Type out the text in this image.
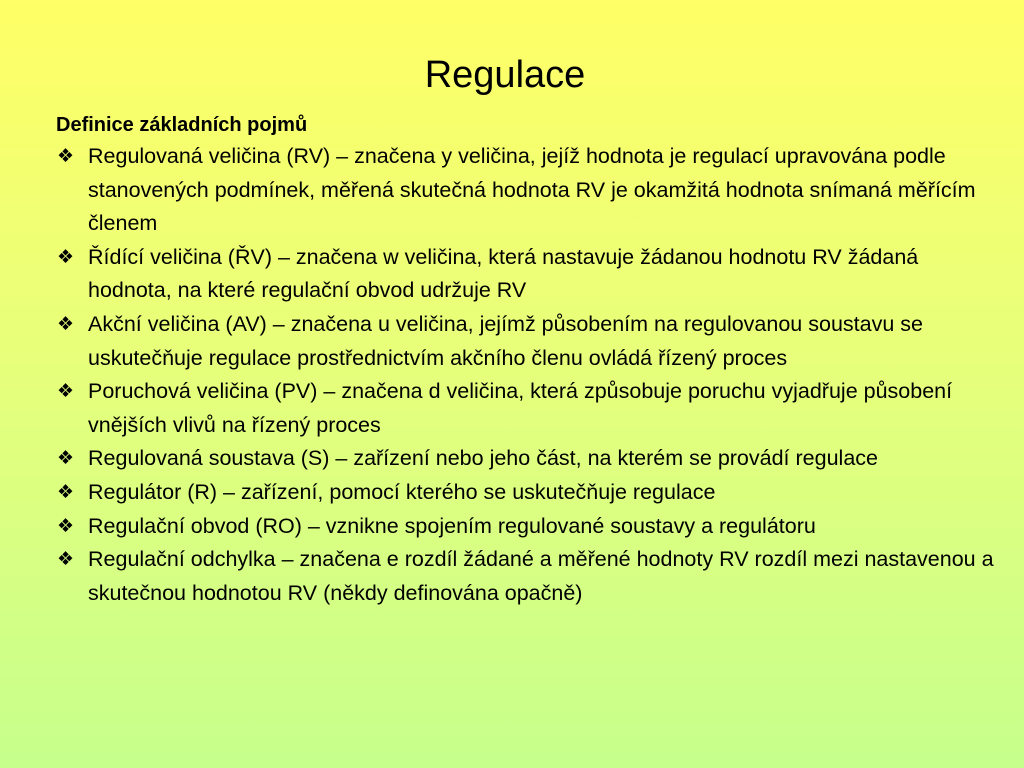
Regulace
Definice základních pojmů
❖ Regulovaná veličina (RV) – značena y veličina, jejíž hodnota je regulací upravována podle stanovených podmínek, měřená skutečná hodnota RV je okamžitá hodnota snímaná měřícím členem
❖ Řídící veličina (ŘV) – značena w veličina, která nastavuje žádanou hodnotu RV žádaná hodnota, na které regulační obvod udržuje RV
❖ Akční veličina (AV) – značena u veličina, jejímž působením na regulovanou soustavu se uskutečňuje regulace prostřednictvím akčního členu ovládá řízený proces
❖ Poruchová veličina (PV) – značena d veličina, která způsobuje poruchu vyjadřuje působení vnějších vlivů na řízený proces
❖ Regulovaná soustava (S) – zařízení nebo jeho část, na kterém se provádí regulace
❖ Regulátor (R) – zařízení, pomocí kterého se uskutečňuje regulace
❖ Regulační obvod (RO) – vznikne spojením regulované soustavy a regulátoru
❖ Regulační odchylka – značena e rozdíl žádané a měřené hodnoty RV rozdíl mezi nastavenou a skutečnou hodnotou RV (někdy definována opačně)
